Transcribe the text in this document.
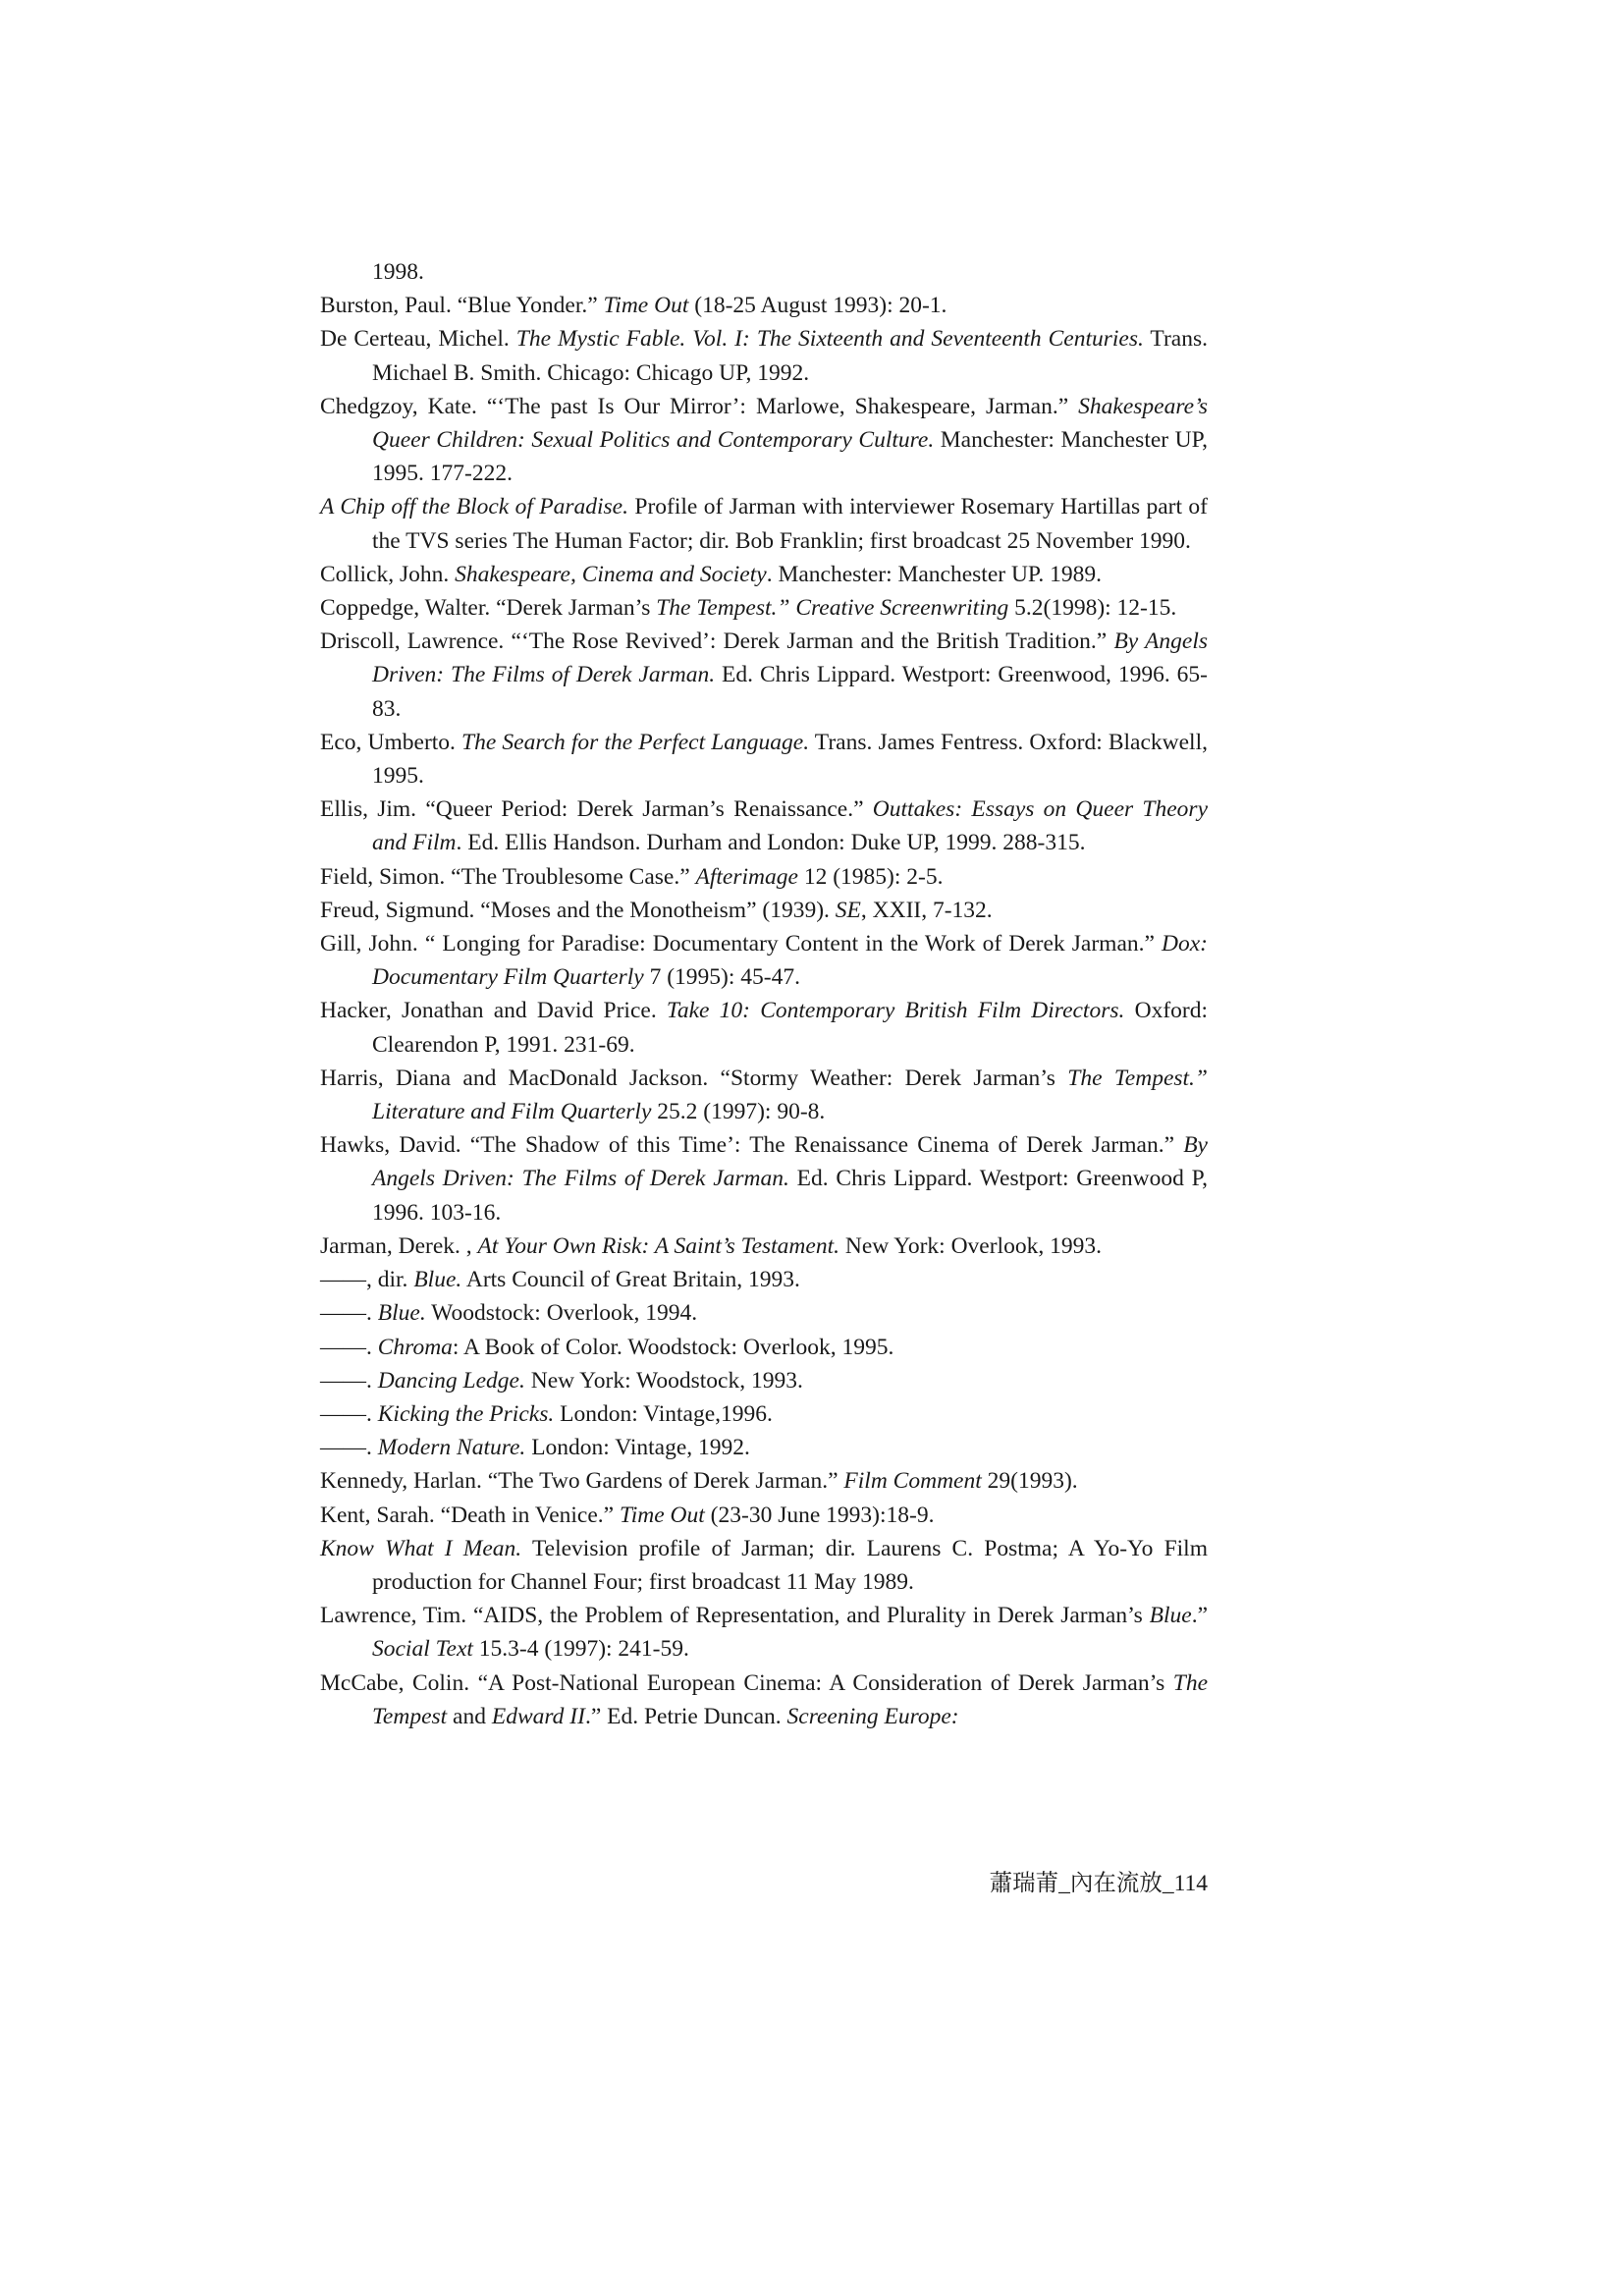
1998.

Burston, Paul. “Blue Yonder.” Time Out (18-25 August 1993): 20-1.

De Certeau, Michel. The Mystic Fable. Vol. I: The Sixteenth and Seventeenth Centuries. Trans. Michael B. Smith. Chicago: Chicago UP, 1992.

Chedgzoy, Kate. “‘The past Is Our Mirror’: Marlowe, Shakespeare, Jarman.” Shakespeare’s Queer Children: Sexual Politics and Contemporary Culture. Manchester: Manchester UP, 1995. 177-222.

A Chip off the Block of Paradise. Profile of Jarman with interviewer Rosemary Hartillas part of the TVS series The Human Factor; dir. Bob Franklin; first broadcast 25 November 1990.

Collick, John. Shakespeare, Cinema and Society. Manchester: Manchester UP. 1989.

Coppedge, Walter. “Derek Jarman’s The Tempest.” Creative Screenwriting 5.2(1998): 12-15.

Driscoll, Lawrence. “‘The Rose Revived’: Derek Jarman and the British Tradition.” By Angels Driven: The Films of Derek Jarman. Ed. Chris Lippard. Westport: Greenwood, 1996. 65-83.

Eco, Umberto. The Search for the Perfect Language. Trans. James Fentress. Oxford: Blackwell, 1995.

Ellis, Jim. “Queer Period: Derek Jarman’s Renaissance.” Outtakes: Essays on Queer Theory and Film. Ed. Ellis Handson. Durham and London: Duke UP, 1999. 288-315.

Field, Simon. “The Troublesome Case.” Afterimage 12 (1985): 2-5.

Freud, Sigmund. “Moses and the Monotheism” (1939). SE, XXII, 7-132.

Gill, John. “ Longing for Paradise: Documentary Content in the Work of Derek Jarman.” Dox: Documentary Film Quarterly 7 (1995): 45-47.

Hacker, Jonathan and David Price. Take 10: Contemporary British Film Directors. Oxford: Clearendon P, 1991. 231-69.

Harris, Diana and MacDonald Jackson. “Stormy Weather: Derek Jarman’s The Tempest.” Literature and Film Quarterly 25.2 (1997): 90-8.

Hawks, David. “The Shadow of this Time’: The Renaissance Cinema of Derek Jarman.” By Angels Driven: The Films of Derek Jarman. Ed. Chris Lippard. Westport: Greenwood P, 1996. 103-16.

Jarman, Derek. , At Your Own Risk: A Saint’s Testament. New York: Overlook, 1993.

——, dir. Blue. Arts Council of Great Britain, 1993.

——. Blue. Woodstock: Overlook, 1994.

——. Chroma: A Book of Color. Woodstock: Overlook, 1995.

——. Dancing Ledge. New York: Woodstock, 1993.

——. Kicking the Pricks. London: Vintage,1996.

——. Modern Nature. London: Vintage, 1992.

Kennedy, Harlan. “The Two Gardens of Derek Jarman.” Film Comment 29(1993).

Kent, Sarah. “Death in Venice.” Time Out (23-30 June 1993):18-9.

Know What I Mean. Television profile of Jarman; dir. Laurens C. Postma; A Yo-Yo Film production for Channel Four; first broadcast 11 May 1989.

Lawrence, Tim. “AIDS, the Problem of Representation, and Plurality in Derek Jarman’s Blue.” Social Text 15.3-4 (1997): 241-59.

McCabe, Colin. “A Post-National European Cinema: A Consideration of Derek Jarman’s The Tempest and Edward II.” Ed. Petrie Duncan. Screening Europe:

蕭瑞莆_內在流放_114
